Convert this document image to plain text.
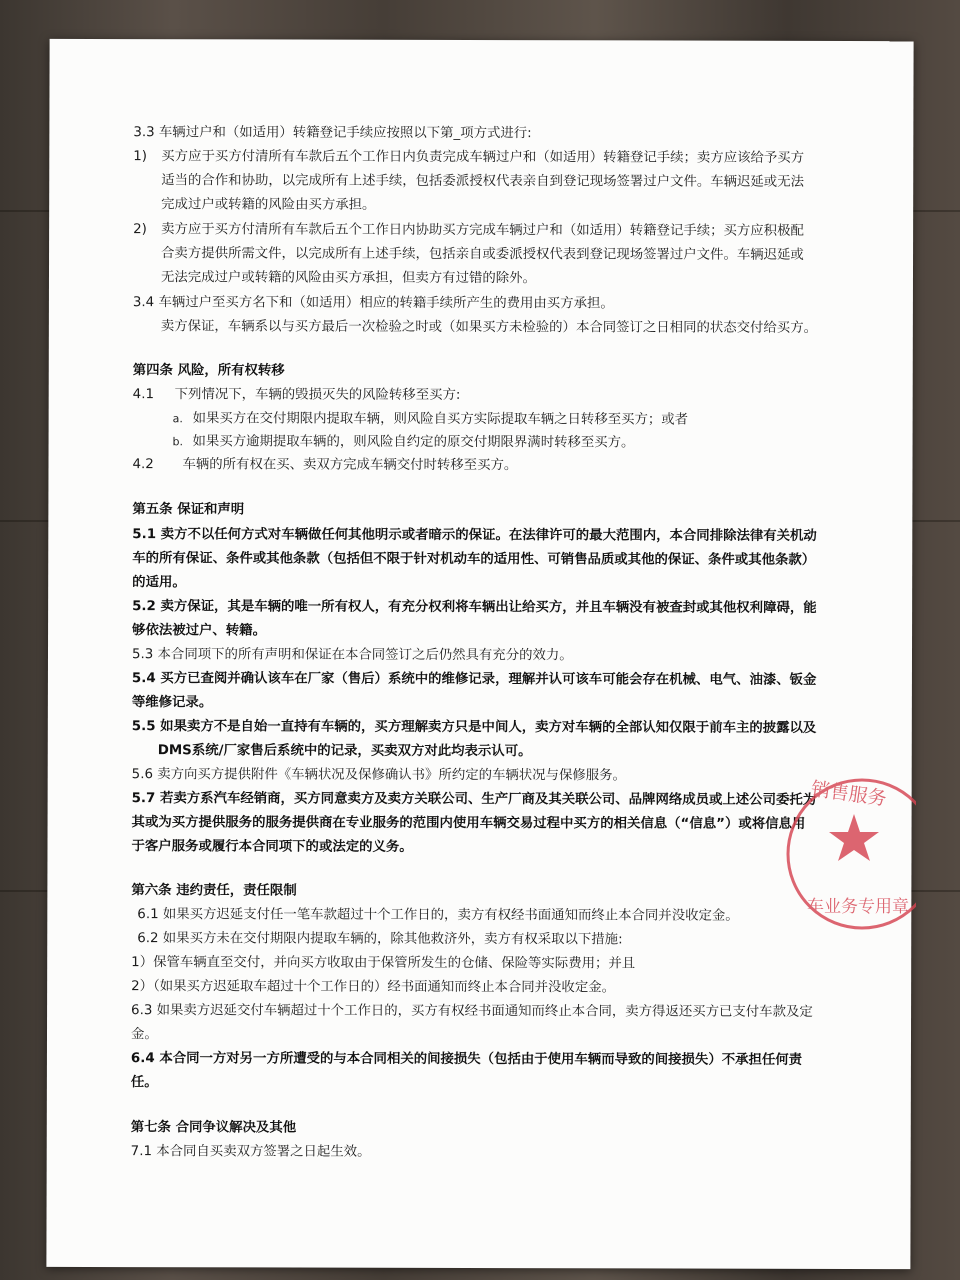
3.3 车辆过户和（如适用）转籍登记手续应按照以下第_项方式进行:
1) 买方应于买方付清所有车款后五个工作日内负责完成车辆过户和（如适用）转籍登记手续；卖方应该给予买方
适当的合作和协助，以完成所有上述手续，包括委派授权代表亲自到登记现场签署过户文件。车辆迟延或无法
完成过户或转籍的风险由买方承担。
2) 卖方应于买方付清所有车款后五个工作日内协助买方完成车辆过户和（如适用）转籍登记手续；买方应积极配
合卖方提供所需文件，以完成所有上述手续，包括亲自或委派授权代表到登记现场签署过户文件。车辆迟延或
无法完成过户或转籍的风险由买方承担，但卖方有过错的除外。
3.4 车辆过户至买方名下和（如适用）相应的转籍手续所产生的费用由买方承担。
卖方保证，车辆系以与买方最后一次检验之时或（如果买方未检验的）本合同签订之日相同的状态交付给买方。
第四条 风险，所有权转移
4.1 下列情况下，车辆的毁损灭失的风险转移至买方:
a. 如果买方在交付期限内提取车辆，则风险自买方实际提取车辆之日转移至买方；或者
b. 如果买方逾期提取车辆的，则风险自约定的原交付期限界满时转移至买方。
4.2 车辆的所有权在买、卖双方完成车辆交付时转移至买方。
第五条 保证和声明
5.1 卖方不以任何方式对车辆做任何其他明示或者暗示的保证。在法律许可的最大范围内，本合同排除法律有关机动
车的所有保证、条件或其他条款（包括但不限于针对机动车的适用性、可销售品质或其他的保证、条件或其他条款）
的适用。
5.2 卖方保证，其是车辆的唯一所有权人，有充分权利将车辆出让给买方，并且车辆没有被查封或其他权利障碍，能
够依法被过户、转籍。
5.3 本合同项下的所有声明和保证在本合同签订之后仍然具有充分的效力。
5.4 买方已查阅并确认该车在厂家（售后）系统中的维修记录，理解并认可该车可能会存在机械、电气、油漆、钣金
等维修记录。
5.5 如果卖方不是自始一直持有车辆的，买方理解卖方只是中间人，卖方对车辆的全部认知仅限于前车主的披露以及
DMS系统/厂家售后系统中的记录，买卖双方对此均表示认可。
5.6 卖方向买方提供附件《车辆状况及保修确认书》所约定的车辆状况与保修服务。
5.7 若卖方系汽车经销商，买方同意卖方及卖方关联公司、生产厂商及其关联公司、品牌网络成员或上述公司委托为
其或为买方提供服务的服务提供商在专业服务的范围内使用车辆交易过程中买方的相关信息（“信息”）或将信息用
于客户服务或履行本合同项下的或法定的义务。
第六条 违约责任，责任限制
6.1 如果买方迟延支付任一笔车款超过十个工作日的，卖方有权经书面通知而终止本合同并没收定金。
6.2 如果买方未在交付期限内提取车辆的，除其他救济外，卖方有权采取以下措施:
1）保管车辆直至交付，并向买方收取由于保管所发生的仓储、保险等实际费用；并且
2）（如果买方迟延取车超过十个工作日的）经书面通知而终止本合同并没收定金。
6.3 如果卖方迟延交付车辆超过十个工作日的，买方有权经书面通知而终止本合同，卖方得返还买方已支付车款及定
金。
6.4 本合同一方对另一方所遭受的与本合同相关的间接损失（包括由于使用车辆而导致的间接损失）不承担任何责
任。
第七条 合同争议解决及其他
7.1 本合同自买卖双方签署之日起生效。
销售服务
车业务专用章
